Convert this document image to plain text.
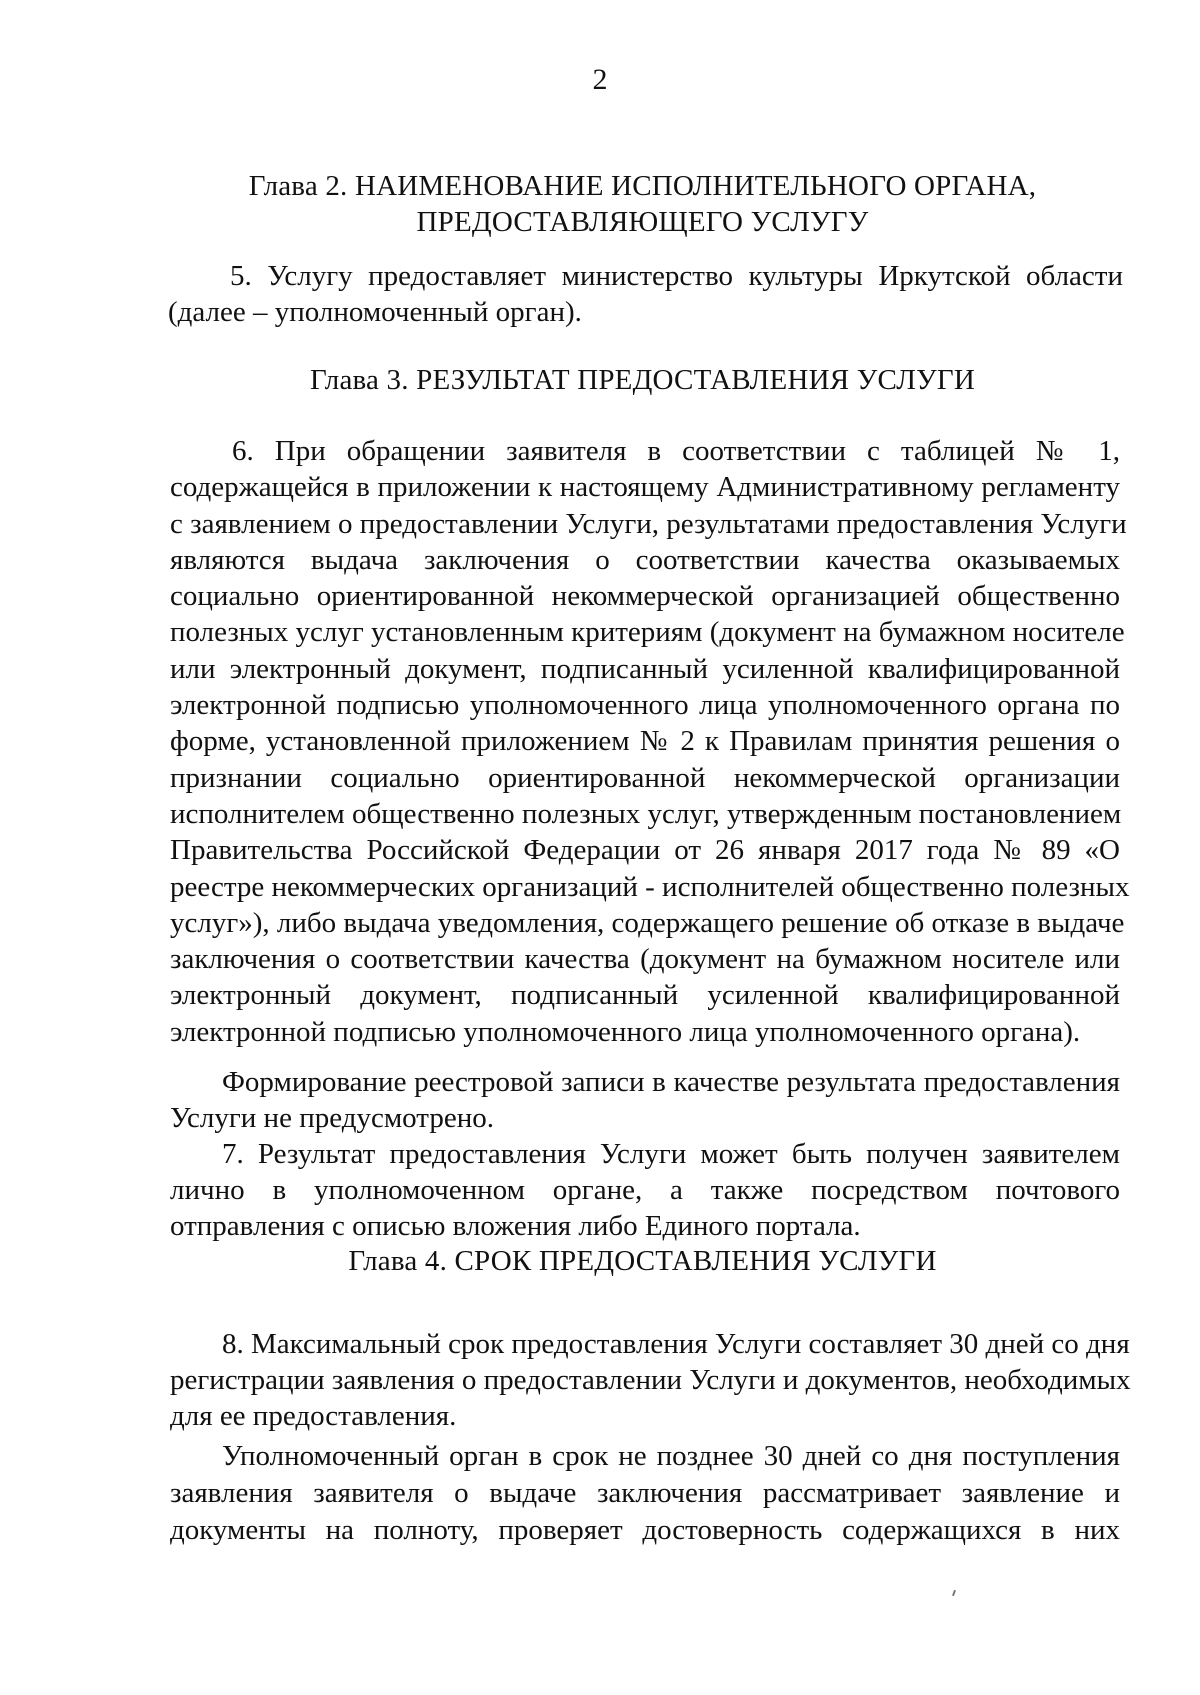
2
Глава 2. НАИМЕНОВАНИЕ ИСПОЛНИТЕЛЬНОГО ОРГАНА,
ПРЕДОСТАВЛЯЮЩЕГО УСЛУГУ
5. Услугу предоставляет министерство культуры Иркутской области
(далее – уполномоченный орган).
Глава 3. РЕЗУЛЬТАТ ПРЕДОСТАВЛЕНИЯ УСЛУГИ
6. При обращении заявителя в соответствии с таблицей № 1,
содержащейся в приложении к настоящему Административному регламенту
с заявлением о предоставлении Услуги, результатами предоставления Услуги
являются выдача заключения о соответствии качества оказываемых
социально ориентированной некоммерческой организацией общественно
полезных услуг установленным критериям (документ на бумажном носителе
или электронный документ, подписанный усиленной квалифицированной
электронной подписью уполномоченного лица уполномоченного органа по
форме, установленной приложением № 2 к Правилам принятия решения о
признании социально ориентированной некоммерческой организации
исполнителем общественно полезных услуг, утвержденным постановлением
Правительства Российской Федерации от 26 января 2017 года № 89 «О
реестре некоммерческих организаций - исполнителей общественно полезных
услуг»), либо выдача уведомления, содержащего решение об отказе в выдаче
заключения о соответствии качества (документ на бумажном носителе или
электронный документ, подписанный усиленной квалифицированной
электронной подписью уполномоченного лица уполномоченного органа).
Формирование реестровой записи в качестве результата предоставления
Услуги не предусмотрено.
7. Результат предоставления Услуги может быть получен заявителем
лично в уполномоченном органе, а также посредством почтового
отправления с описью вложения либо Единого портала.
Глава 4. СРОК ПРЕДОСТАВЛЕНИЯ УСЛУГИ
8. Максимальный срок предоставления Услуги составляет 30 дней со дня
регистрации заявления о предоставлении Услуги и документов, необходимых
для ее предоставления.
Уполномоченный орган в срок не позднее 30 дней со дня поступления
заявления заявителя о выдаче заключения рассматривает заявление и
документы на полноту, проверяет достоверность содержащихся в них
